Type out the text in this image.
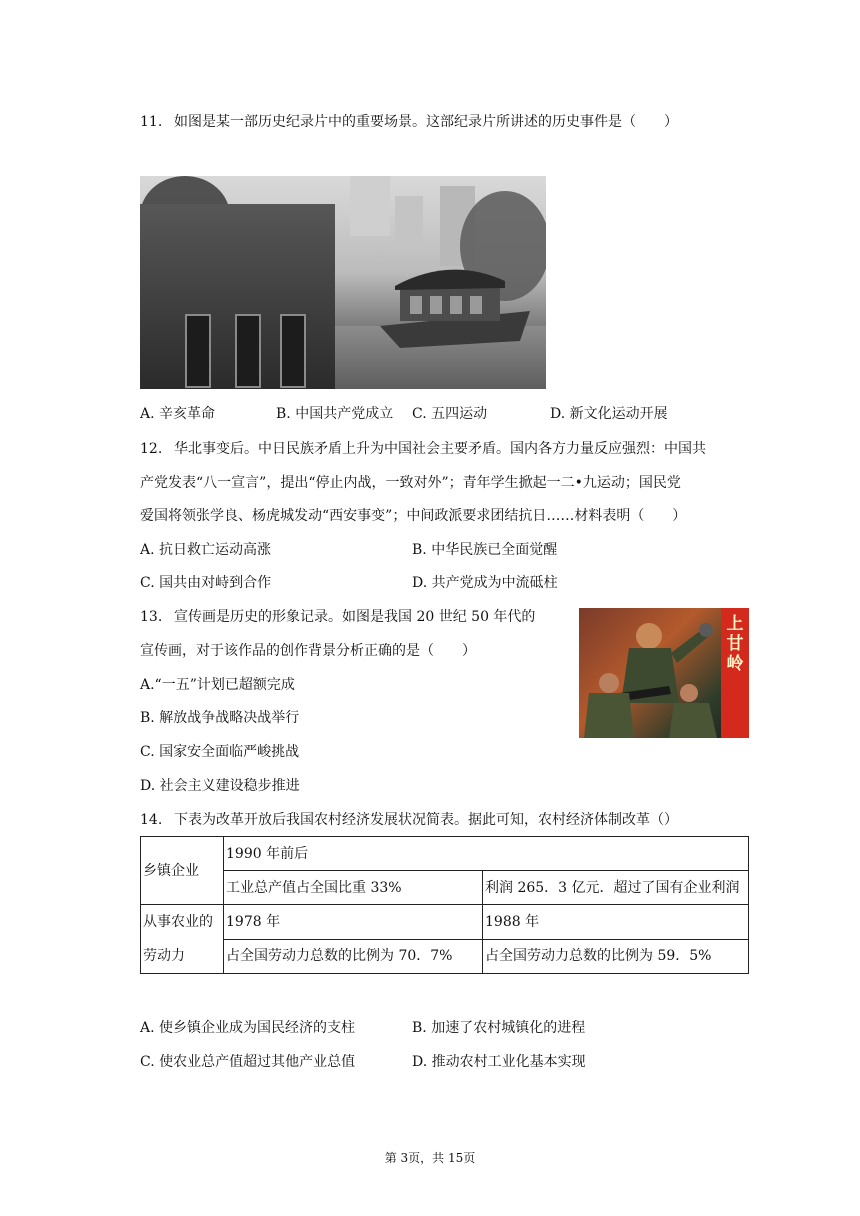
11. 如图是某一部历史纪录片中的重要场景。这部纪录片所讲述的历史事件是（　　）
A. 辛亥革命	B. 中国共产党成立 C. 五四运动	D. 新文化运动开展
12. 华北事变后。中日民族矛盾上升为中国社会主要矛盾。国内各方力量反应强烈：中国共
产党发表“八一宣言”，提出“停止内战，一致对外”；青年学生掀起一二•九运动；国民党
爱国将领张学良、杨虎城发动“西安事变”；中间政派要求团结抗日……材料表明（　　）
A. 抗日救亡运动高涨	B. 中华民族已全面觉醒
C. 国共由对峙到合作	D. 共产党成为中流砥柱
13. 宣传画是历史的形象记录。如图是我国 20 世纪 50 年代的
宣传画，对于该作品的创作背景分析正确的是（　　）
上甘岭
A.“一五”计划已超额完成
B. 解放战争战略决战举行
C. 国家安全面临严峻挑战
D. 社会主义建设稳步推进
14. 下表为改革开放后我国农村经济发展状况简表。据此可知，农村经济体制改革（）
乡镇企业	1990 年前后	
	工业总产值占全国比重 33%	利润 265．3 亿元．超过了国有企业利润

从事农业的
劳动力	1978 年	1988 年
	占全国劳动力总数的比例为 70．7%	占全国劳动力总数的比例为 59．5%
A. 使乡镇企业成为国民经济的支柱	B. 加速了农村城镇化的进程
C. 使农业总产值超过其他产业总值	D. 推动农村工业化基本实现
第 3页，共 15页
